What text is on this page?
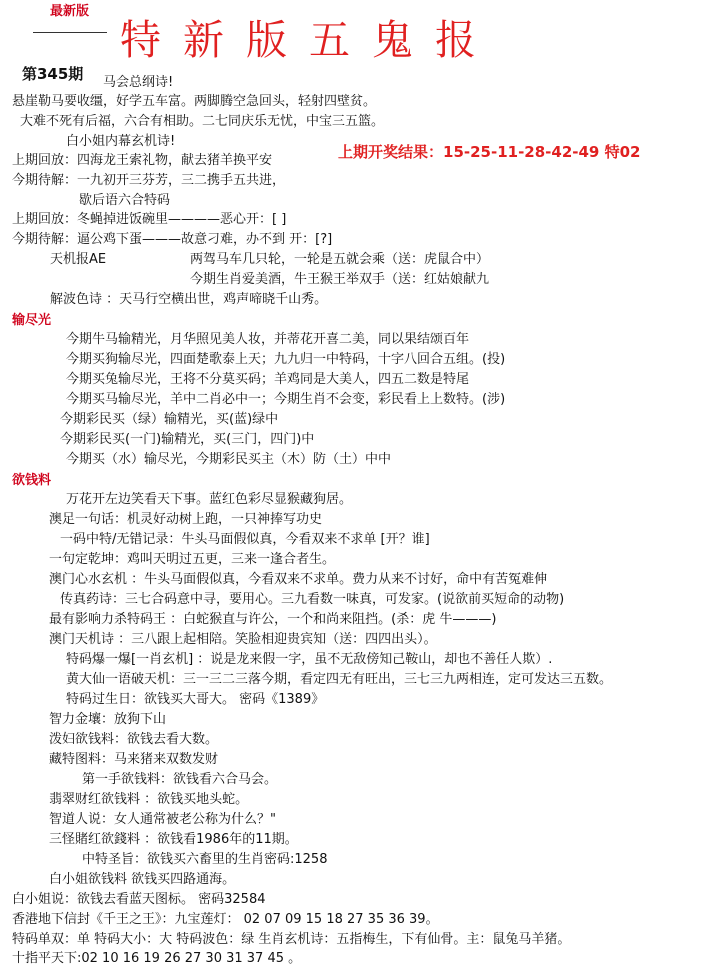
最新版
特新版五鬼报
第345期
上期开奖结果：15-25-11-28-42-49 特02
马会总纲诗!
悬崖勒马要收缰，好学五车富。两脚腾空急回头，轻射四壁贫。
大难不死有后福，六合有相助。二七同庆乐无忧，中宝三五篮。
白小姐内幕玄机诗!
上期回放：四海龙王索礼物，献去猪羊换平安
今期待解：一九初开三芬芳，三二携手五共进，
歇后语六合特码
上期回放：冬蝇掉进饭碗里————恶心开：[ ]
今期待解：逼公鸡下蛋———故意刁难，办不到 开：[?]
天机报AE	两驾马车几只轮，一轮是五就会乘（送：虎鼠合中）
今期生肖爱美酒，牛王猴王举双手（送：红姑娘献九
解波色诗 ：天马行空横出世，鸡声啼晓千山秀。
输尽光
今期牛马输精光，月华照见美人妆，并蒂花开喜二美，同以果结颂百年
今期买狗输尽光，四面楚歌泰上天；九九归一中特码，十字八回合五组。(投)
今期买兔输尽光，王将不分莫买码；羊鸡同是大美人，四五二数是特尾
今期买马输尽光，羊中二肖必中一；今期生肖不会变，彩民看上上数特。(涉)
今期彩民买（绿）输精光，买(蓝)绿中
今期彩民买(一门)输精光，买(三门，四门)中
今期买（水）输尽光，今期彩民买主（木）防（土）中中
欲钱料
万花开左边笑看天下事。蓝红色彩尽显猴藏狗居。
澳足一句话：机灵好动树上跑，一只神捧写功史
一码中特/无错记录：牛头马面假似真，今看双来不求单 [开？谁]
一句定乾坤：鸡叫天明过五更，三来一逢合者生。
澳门心水玄机 ：牛头马面假似真，今看双来不求单。费力从来不讨好，命中有苦冤难伸
传真药诗：三七合码意中寻，要用心。三九看数一味真，可发家。(说欲前买短命的动物)
最有影响力杀特码王 ：白蛇猴直与许公，一个和尚来阻挡。(杀：虎 牛———)
澳门天机诗 ：三八跟上起相陪。笑脸相迎贵宾知（送：四四出头）。
特码爆一爆[一肖玄机] ：说是龙来假一字，虽不无敌傍知己鞍山，却也不善任人欺）.
黄大仙一语破天机：三一三二三落今期，看定四无有旺出，三七三九两相连，定可发达三五数。
特码过生日：欲钱买大哥大。 密码《1389》
智力金壤：放狗下山
泼妇欲钱料：欲钱去看大数。
藏特图料：马来猪来双数发财
第一手欲钱料：欲钱看六合马会。
翡翠财红欲钱料 ：欲钱买地头蛇。
智道人说：女人通常被老公称为什么？"
三怪賭红欲錢料 ：欲钱看1986年的11期。
中特圣旨：欲钱买六畜里的生肖密码:1258
白小姐欲钱料 欲钱买四路通海。
白小姐说：欲钱去看蓝天图标。 密码32584
香港地下信封《千王之王》：九宝莲灯： 02 07 09 15 18 27 35 36 39。
特码单双：单 特码大小：大 特码波色：绿 生肖玄机诗：五指梅生，下有仙骨。主：鼠兔马羊猪。
十指平天下:02 10 16 19 26 27 30 31 37 45 。
